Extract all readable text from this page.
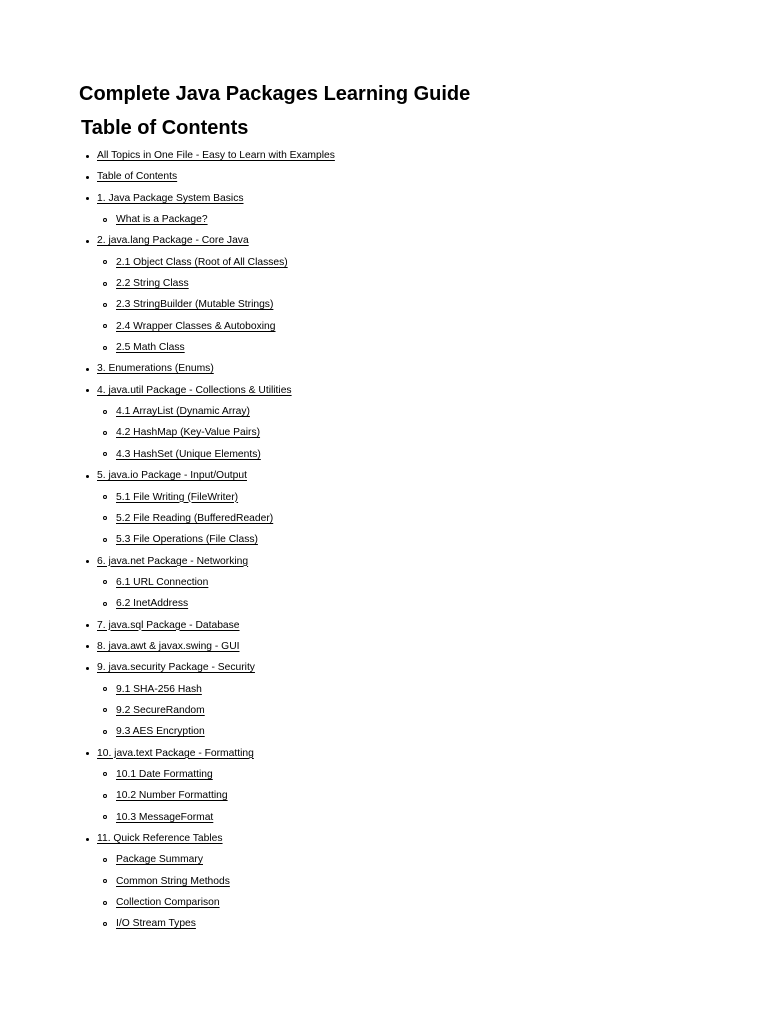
Complete Java Packages Learning Guide
Table of Contents
All Topics in One File - Easy to Learn with Examples
Table of Contents
1. Java Package System Basics
What is a Package?
2. java.lang Package - Core Java
2.1 Object Class (Root of All Classes)
2.2 String Class
2.3 StringBuilder (Mutable Strings)
2.4 Wrapper Classes & Autoboxing
2.5 Math Class
3. Enumerations (Enums)
4. java.util Package - Collections & Utilities
4.1 ArrayList (Dynamic Array)
4.2 HashMap (Key-Value Pairs)
4.3 HashSet (Unique Elements)
5. java.io Package - Input/Output
5.1 File Writing (FileWriter)
5.2 File Reading (BufferedReader)
5.3 File Operations (File Class)
6. java.net Package - Networking
6.1 URL Connection
6.2 InetAddress
7. java.sql Package - Database
8. java.awt & javax.swing - GUI
9. java.security Package - Security
9.1 SHA-256 Hash
9.2 SecureRandom
9.3 AES Encryption
10. java.text Package - Formatting
10.1 Date Formatting
10.2 Number Formatting
10.3 MessageFormat
11. Quick Reference Tables
Package Summary
Common String Methods
Collection Comparison
I/O Stream Types
